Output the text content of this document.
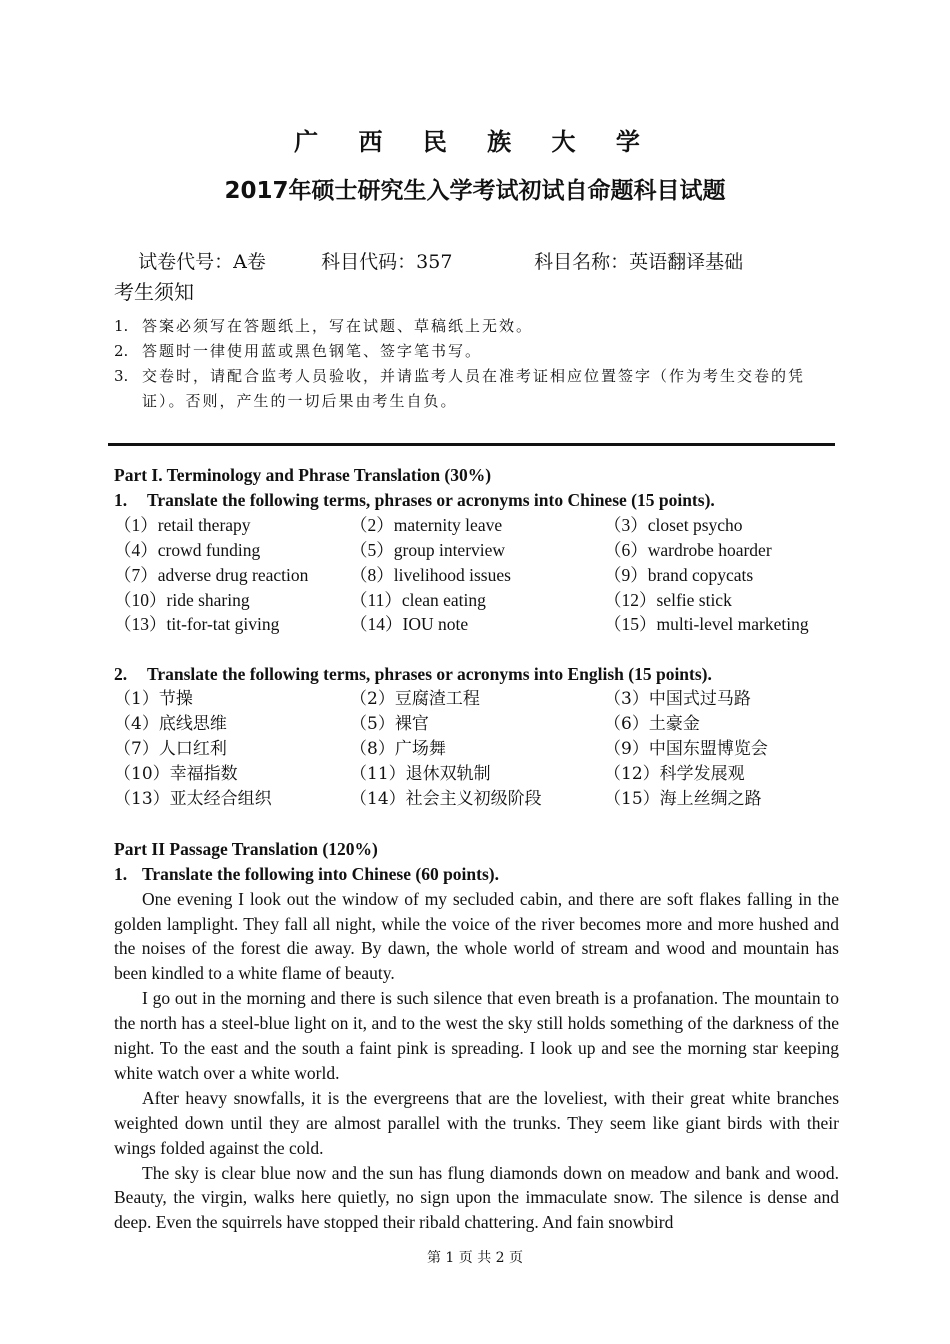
广 西 民 族 大 学
2017年硕士研究生入学考试初试自命题科目试题

试卷代号：A卷	科目代码：357	科目名称：英语翻译基础

考生须知
1. 答案必须写在答题纸上，写在试题、草稿纸上无效。
2. 答题时一律使用蓝或黑色钢笔、签字笔书写。
3. 交卷时，请配合监考人员验收，并请监考人员在准考证相应位置签字（作为考生交卷的凭证）。否则，产生的一切后果由考生自负。
Part I. Terminology and Phrase Translation (30%)
1.	Translate the following terms, phrases or acronyms into Chinese (15 points).
（1）retail therapy	（2）maternity leave	（3）closet psycho
（4）crowd funding	（5）group interview	（6）wardrobe hoarder
（7）adverse drug reaction	（8）livelihood issues	（9）brand copycats
（10）ride sharing	（11）clean eating	（12）selfie stick
（13）tit-for-tat giving	（14）IOU note	（15）multi-level marketing
2.	Translate the following terms, phrases or acronyms into English (15 points).
（1）节操	（2）豆腐渣工程	（3）中国式过马路
（4）底线思维	（5）裸官	（6）土豪金
（7）人口红利	（8）广场舞	（9）中国东盟博览会
（10）幸福指数	（11）退休双轨制	（12）科学发展观
（13）亚太经合组织	（14）社会主义初级阶段	（15）海上丝绸之路
Part II Passage Translation (120%)
1. Translate the following into Chinese (60 points).

One evening I look out the window of my secluded cabin, and there are soft flakes falling in the golden lamplight. They fall all night, while the voice of the river becomes more and more hushed and the noises of the forest die away. By dawn, the whole world of stream and wood and mountain has been kindled to a white flame of beauty.

I go out in the morning and there is such silence that even breath is a profanation. The mountain to the north has a steel-blue light on it, and to the west the sky still holds something of the darkness of the night. To the east and the south a faint pink is spreading. I look up and see the morning star keeping white watch over a white world.

After heavy snowfalls, it is the evergreens that are the loveliest, with their great white branches weighted down until they are almost parallel with the trunks. They seem like giant birds with their wings folded against the cold.

The sky is clear blue now and the sun has flung diamonds down on meadow and bank and wood. Beauty, the virgin, walks here quietly, no sign upon the immaculate snow. The silence is dense and deep. Even the squirrels have stopped their ribald chattering. And fain snowbird

第 1 页 共 2 页
